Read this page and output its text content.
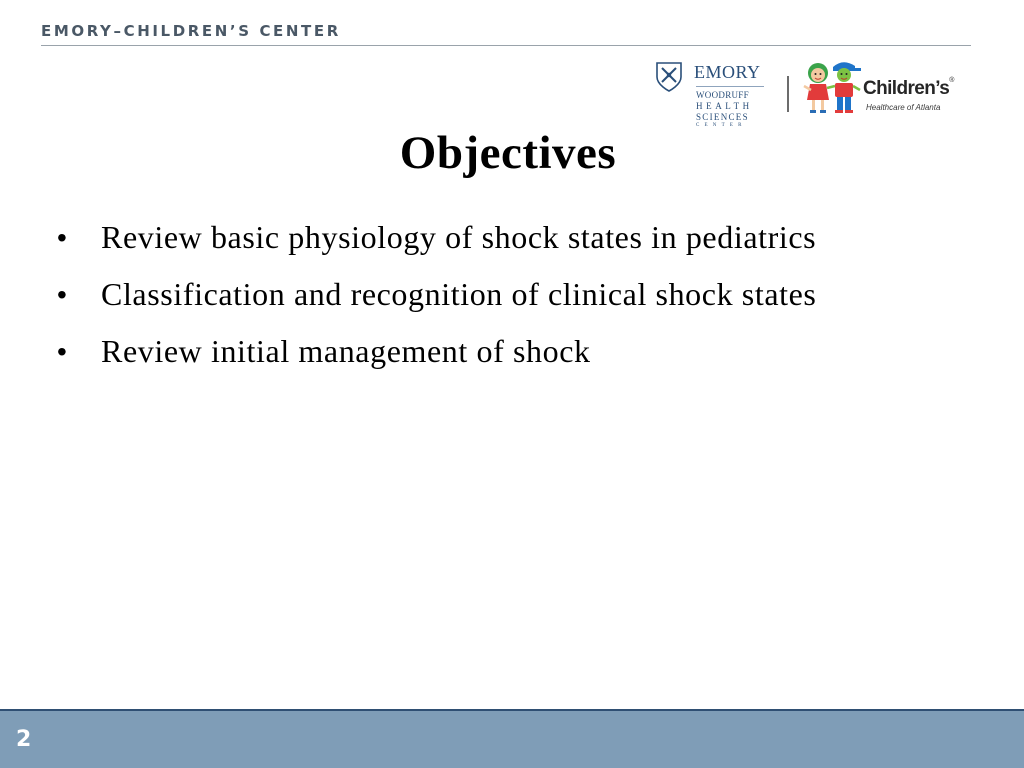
EMORY–CHILDREN’S CENTER
EMORY
WOODRUFF
HEALTH
SCIENCES
CENTER
Children’s®
Healthcare of Atlanta
Objectives
• Review basic physiology of shock states in pediatrics
• Classification and recognition of clinical shock states
• Review initial management of shock
2
